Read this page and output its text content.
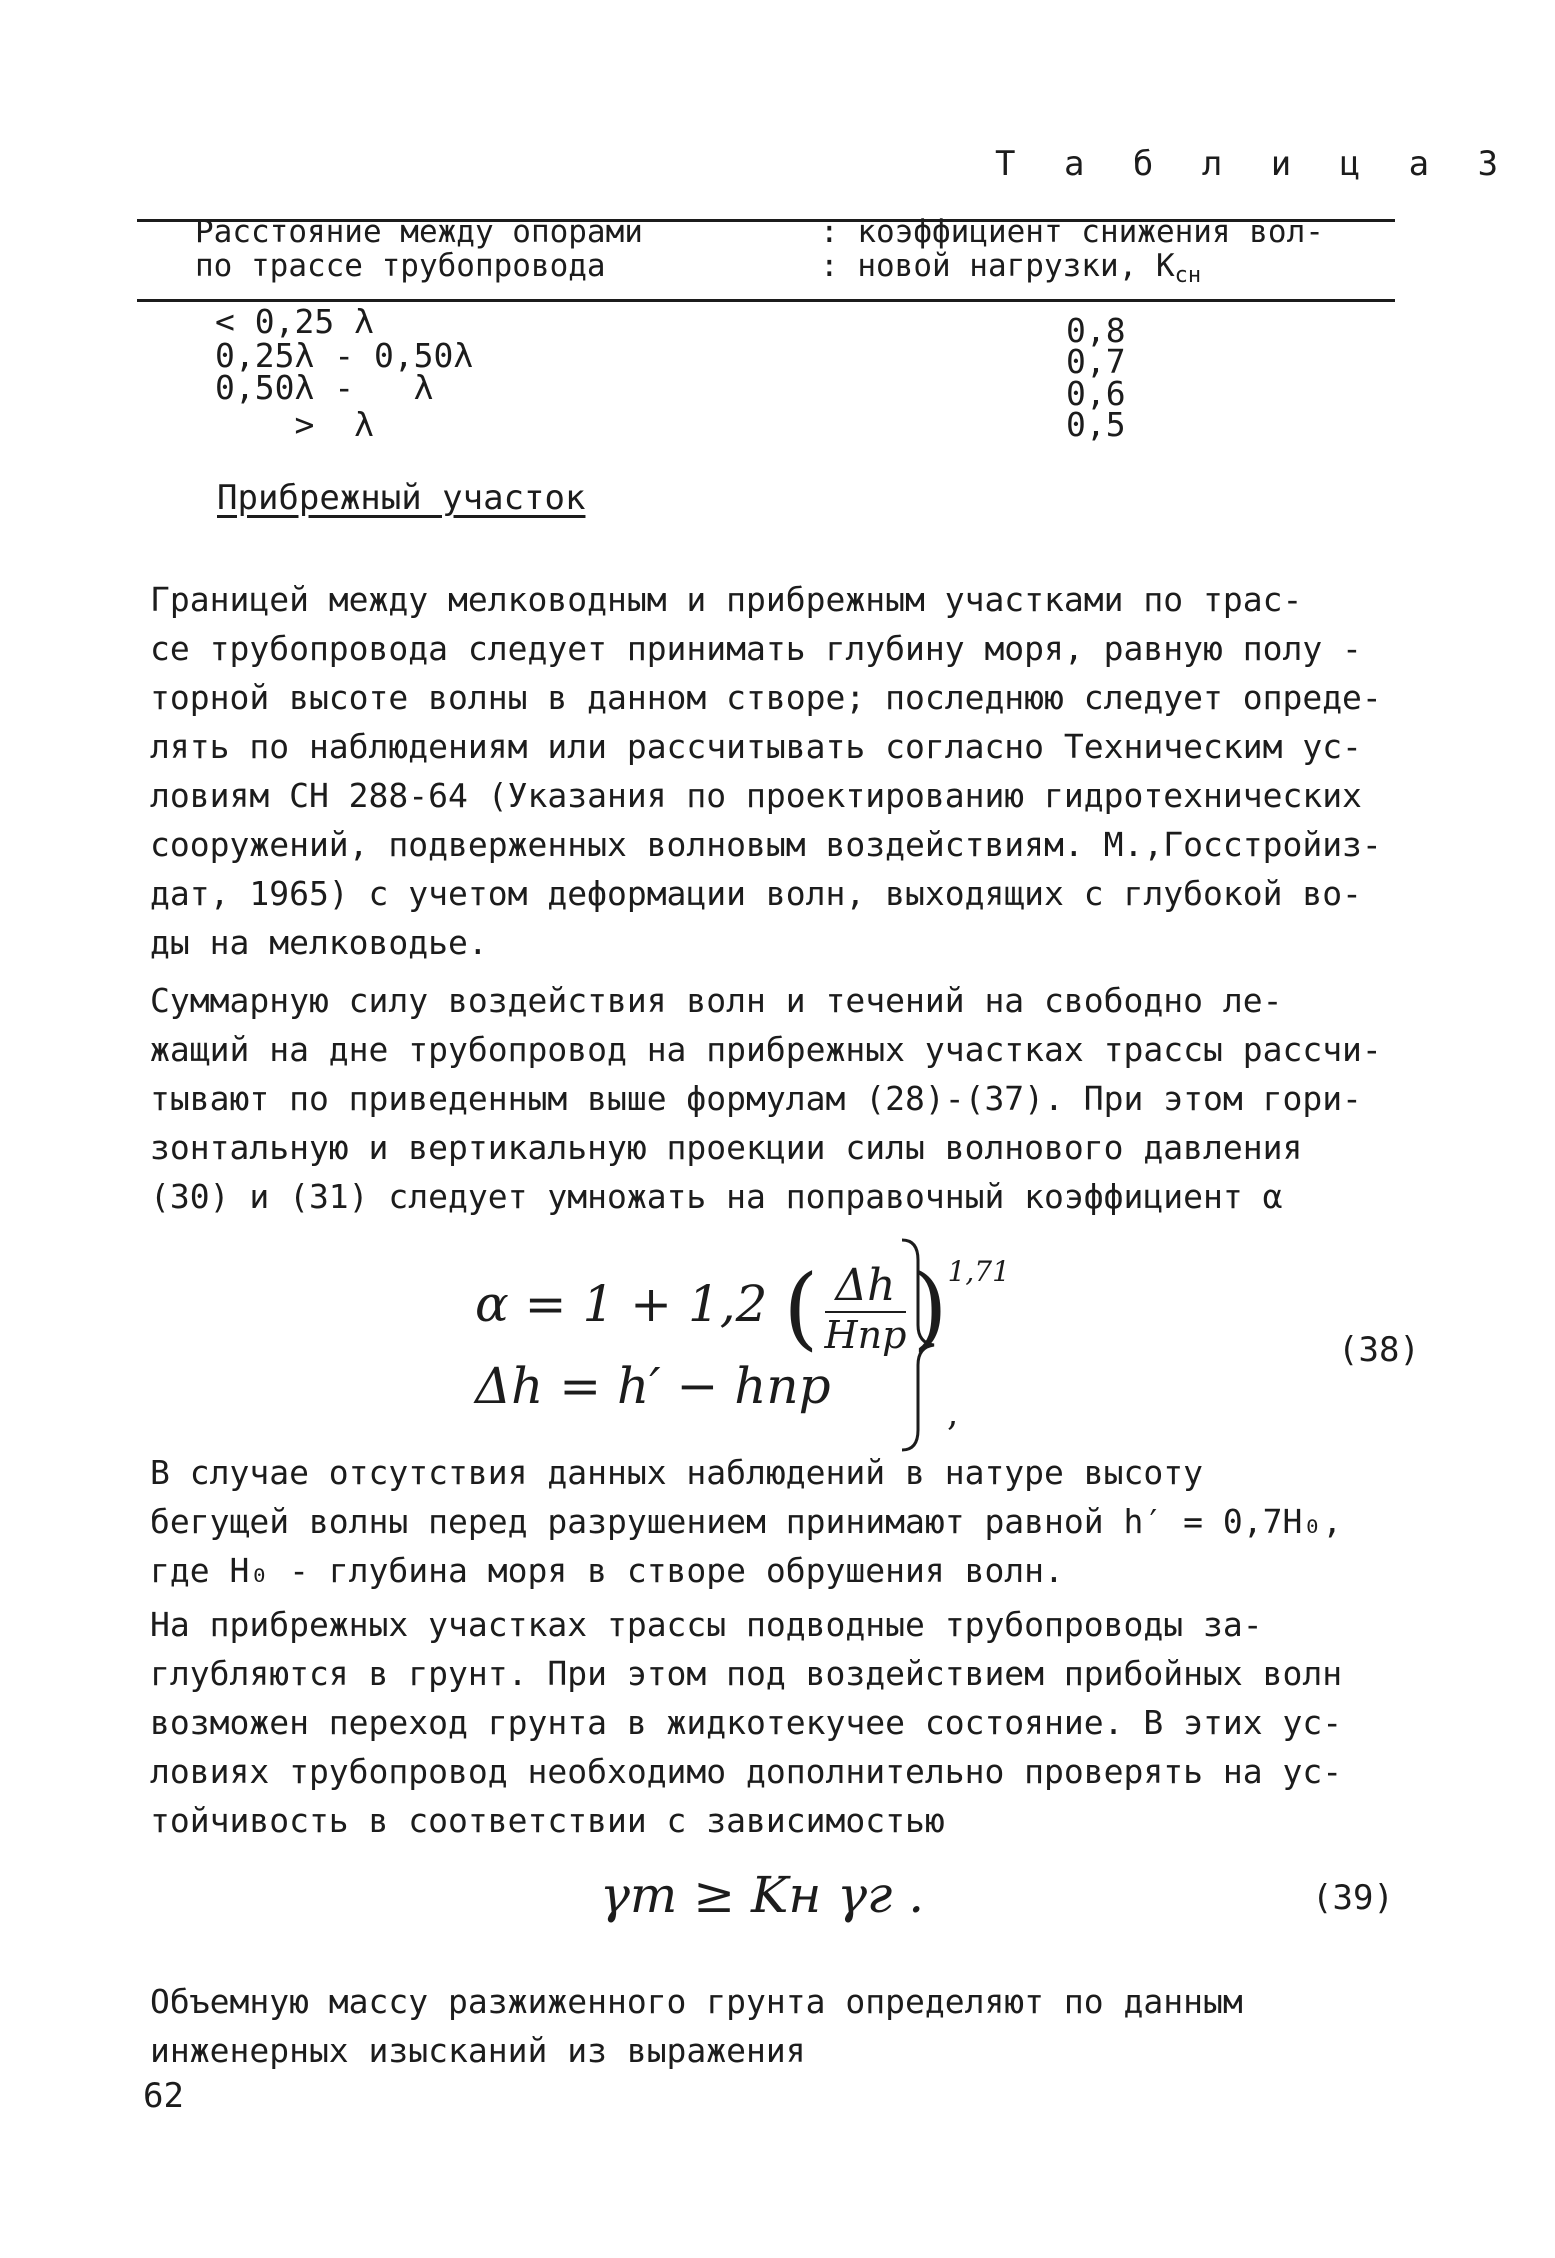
Т а б л и ц а 3
Расстояние между опорами
по трассе трубопровода
: коэффициент снижения вол-
: новой нагрузки, $К_{сн}$
< 0,25 λ	0,8
0,25λ - 0,50λ	0,7
0,50λ -   λ	0,6
>  λ	0,5
Прибрежный участок
Границей между мелководным и прибрежным участками по трас-
се трубопровода следует принимать глубину моря, равную полу -
торной высоте волны в данном створе; последнюю следует опреде-
лять по наблюдениям или рассчитывать согласно Техническим ус-
ловиям СН 288-64 (Указания по проектированию гидротехнических
сооружений, подверженных волновым воздействиям. М.,Госстройиз-
дат, 1965) с учетом деформации волн, выходящих с глубокой во-
ды на мелководье.
Суммарную силу воздействия волн и течений на свободно ле-
жащий на дне трубопровод на прибрежных участках трассы рассчи-
тывают по приведенным выше формулам (28)-(37). При этом гори-
зонтальную и вертикальную проекции силы волнового давления
(30) и (31) следует умножать на поправочный коэффициент α
α = 1 + 1,2 ( $\frac{\Delta h}{\text{Hпр}} )^{1,71}$
Δh = h′ − hпр	,
(38)
В случае отсутствия данных наблюдений в натуре высоту
бегущей волны перед разрушением принимают равной h′ = 0,7H₀,
где H₀ - глубина моря в створе обрушения волн.
На прибрежных участках трассы подводные трубопроводы за-
глубляются в грунт. При этом под воздействием прибойных волн
возможен переход грунта в жидкотекучее состояние. В этих ус-
ловиях трубопровод необходимо дополнительно проверять на ус-
тойчивость в соответствии с зависимостью
γт ≥ Kн γг .	(39)
Объемную массу разжиженного грунта определяют по данным
инженерных изысканий из выражения
62
